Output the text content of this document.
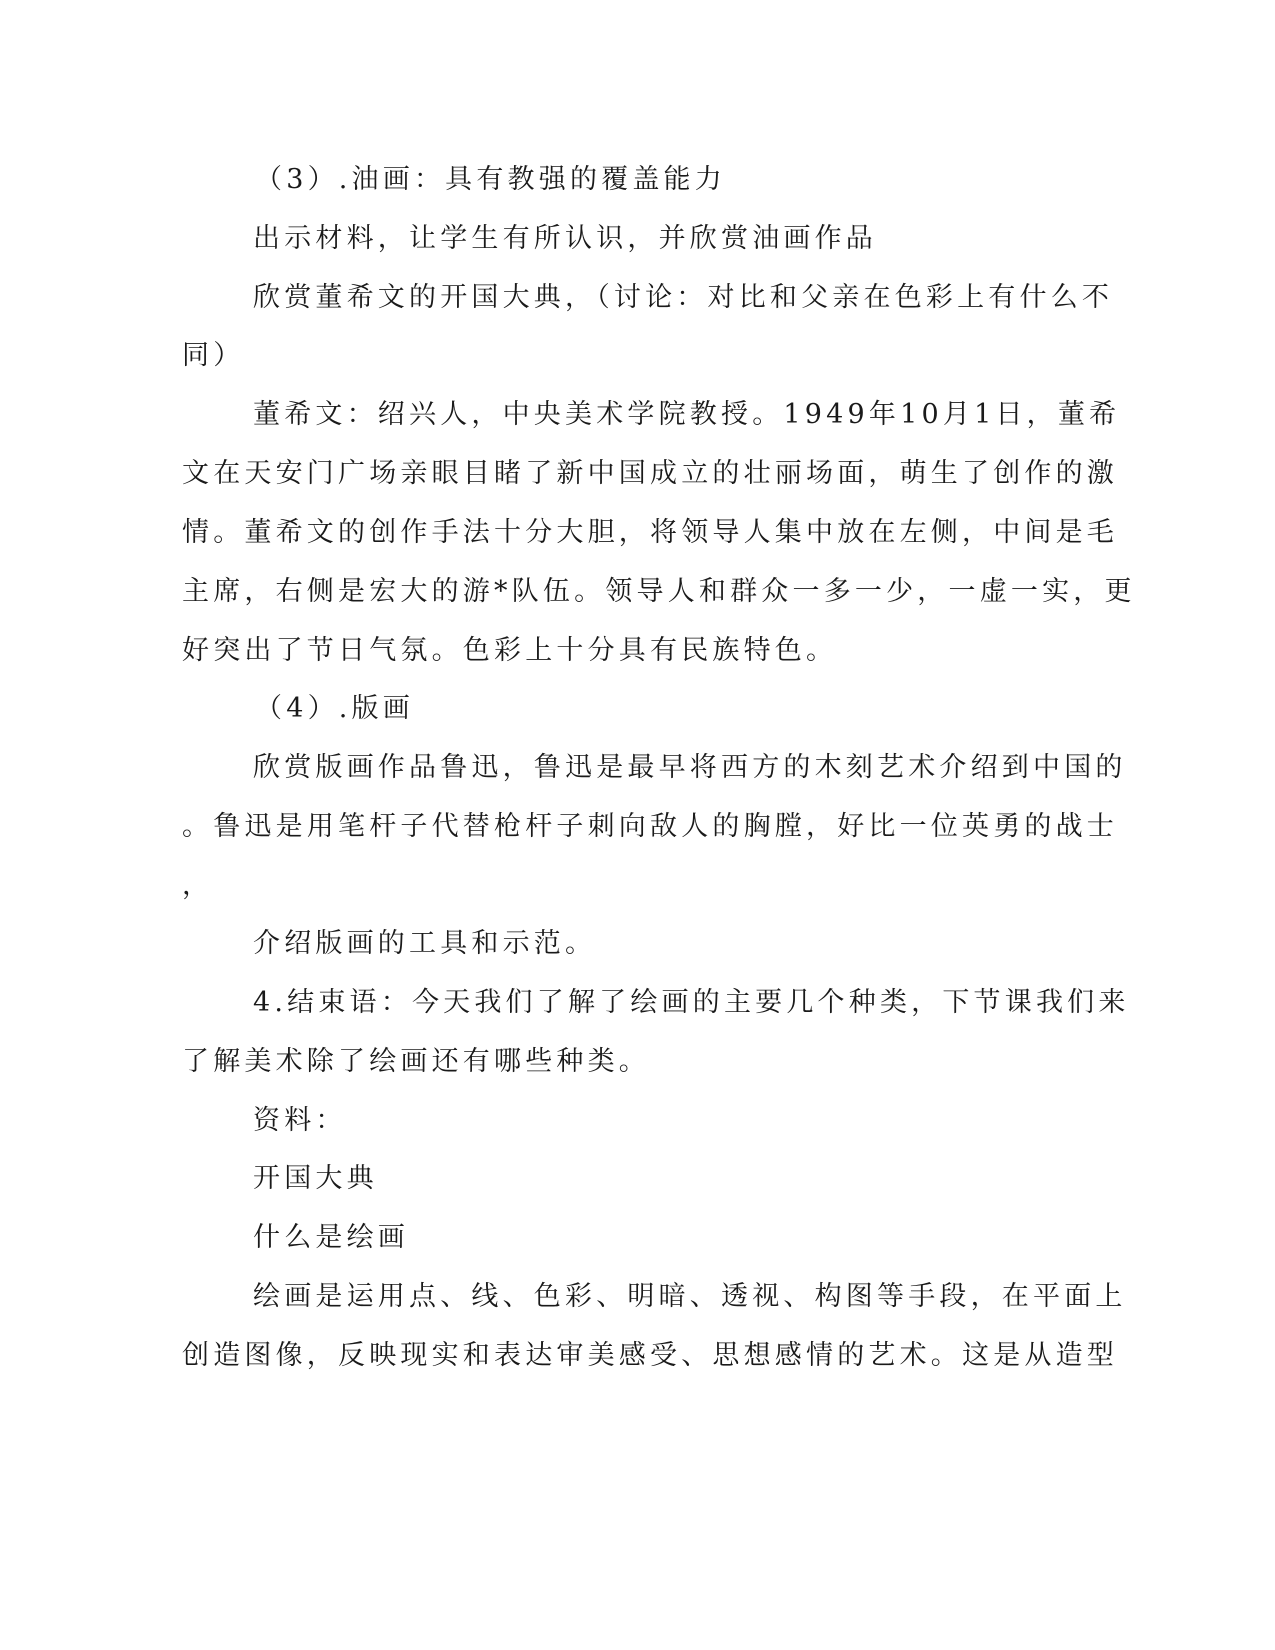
（3）.油画：具有教强的覆盖能力
出示材料，让学生有所认识，并欣赏油画作品
欣赏董希文的开国大典，（讨论：对比和父亲在色彩上有什么不
同）
董希文：绍兴人，中央美术学院教授。1949年10月1日，董希
文在天安门广场亲眼目睹了新中国成立的壮丽场面，萌生了创作的激
情。董希文的创作手法十分大胆，将领导人集中放在左侧，中间是毛
主席，右侧是宏大的游*队伍。领导人和群众一多一少，一虚一实，更
好突出了节日气氛。色彩上十分具有民族特色。
（4）.版画
欣赏版画作品鲁迅，鲁迅是最早将西方的木刻艺术介绍到中国的
。鲁迅是用笔杆子代替枪杆子刺向敌人的胸膛，好比一位英勇的战士
，
介绍版画的工具和示范。
4.结束语：今天我们了解了绘画的主要几个种类，下节课我们来
了解美术除了绘画还有哪些种类。
资料：
开国大典
什么是绘画
绘画是运用点、线、色彩、明暗、透视、构图等手段，在平面上
创造图像，反映现实和表达审美感受、思想感情的艺术。这是从造型
